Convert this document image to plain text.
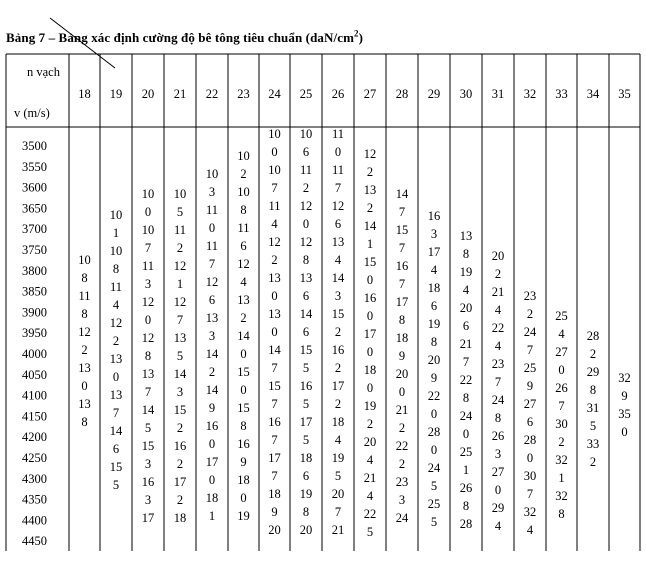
Bảng 7 – Bảng xác định cường độ bê tông tiêu chuẩn $(daN/cm^2)$
n vạch
v (m/s)
18 19 20 21 22 23 24 25 26 27 28 29 30 31 32 33 34 35
3500
3550
3600
3650
3700
3750
3800
3850
3900
3950
4000
4050
4100
4150
4200
4250
4300
4350
4400
4450
10
8
11
8
12
2
13
0
13
8
10
1
10
8
11
4
12
2
13
0
13
7
14
6
15
5
10
0
10
7
11
3
12
0
12
8
13
7
14
5
15
3
16
3
17
10
5
11
2
12
1
12
7
13
5
14
3
15
2
16
2
17
2
18
10
3
11
0
11
7
12
6
13
3
14
2
14
9
16
0
17
0
18
1
10
2
10
8
11
6
12
4
13
2
14
0
15
0
15
8
16
9
18
0
19
10
0
10
7
11
4
12
2
13
0
13
0
14
7
15
7
16
7
17
7
18
9
20
10
6
11
2
12
0
12
8
13
6
14
6
15
5
16
5
17
5
18
6
19
8
20
11
0
11
7
12
6
13
4
14
3
15
2
16
2
17
2
18
4
19
5
20
7
21
12
2
13
2
14
1
15
0
16
0
17
0
18
0
19
2
20
4
21
4
22
5
14
7
15
7
16
7
17
8
18
9
20
0
21
2
22
2
23
3
24
16
3
17
4
18
6
19
8
20
9
22
0
28
0
24
5
25
5
13
8
19
4
20
6
21
7
22
8
24
0
25
1
26
8
28
20
2
21
4
22
4
23
7
24
8
26
3
27
0
29
4
23
2
24
7
25
9
27
6
28
0
30
7
32
4
25
4
27
0
26
7
30
2
32
1
32
8
28
2
29
8
31
5
33
2
32
9
35
0
